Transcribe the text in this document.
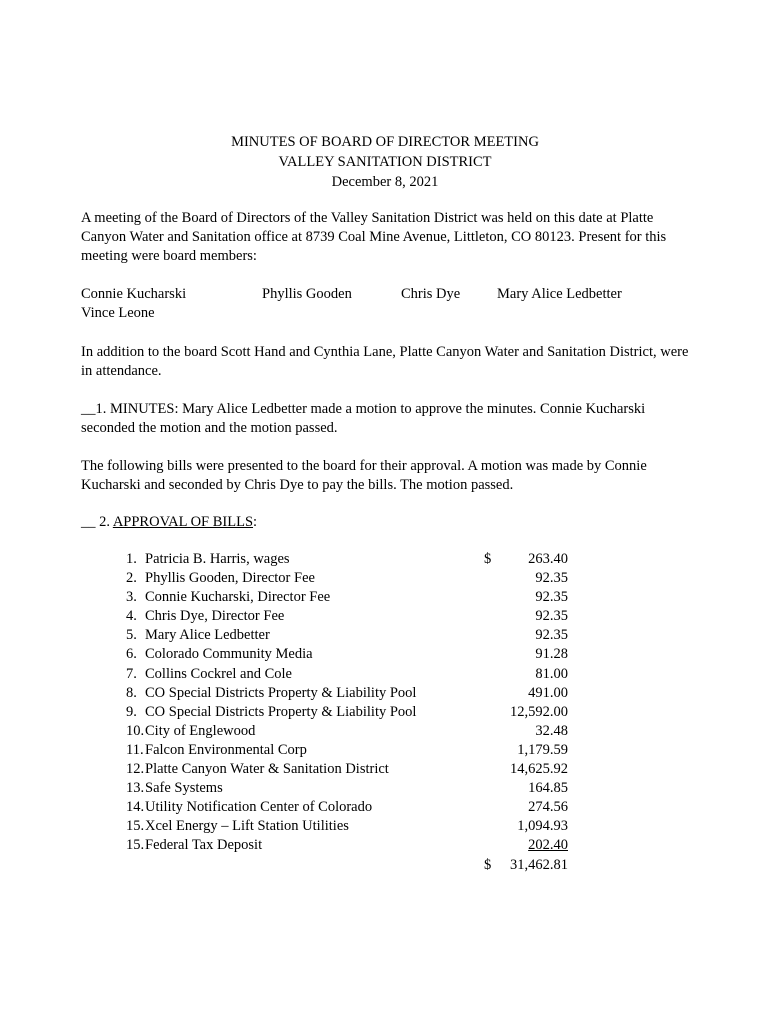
MINUTES OF BOARD OF DIRECTOR MEETING
VALLEY SANITATION DISTRICT
December 8, 2021
A meeting of the Board of Directors of the Valley Sanitation District was held on this date at Platte Canyon Water and Sanitation office at 8739 Coal Mine Avenue, Littleton, CO 80123. Present for this meeting were board members:
Connie Kucharski	Phyllis Gooden	Chris Dye	Mary Alice Ledbetter
Vince Leone
In addition to the board Scott Hand and Cynthia Lane, Platte Canyon Water and Sanitation District, were in attendance.
__1. MINUTES: Mary Alice Ledbetter made a motion to approve the minutes. Connie Kucharski seconded the motion and the motion passed.
The following bills were presented to the board for their approval. A motion was made by Connie Kucharski and seconded by Chris Dye to pay the bills. The motion passed.
__ 2. APPROVAL OF BILLS:
1. Patricia B. Harris, wages	$	263.40
2. Phyllis Gooden, Director Fee	92.35
3. Connie Kucharski, Director Fee	92.35
4. Chris Dye, Director Fee	92.35
5. Mary Alice Ledbetter	92.35
6. Colorado Community Media	91.28
7. Collins Cockrel and Cole	81.00
8. CO Special Districts Property & Liability Pool	491.00
9. CO Special Districts Property & Liability Pool	12,592.00
10. City of Englewood	32.48
11. Falcon Environmental Corp	1,179.59
12. Platte Canyon Water & Sanitation District	14,625.92
13. Safe Systems	164.85
14. Utility Notification Center of Colorado	274.56
15. Xcel Energy – Lift Station Utilities	1,094.93
15. Federal Tax Deposit	202.40
$ 31,462.81
